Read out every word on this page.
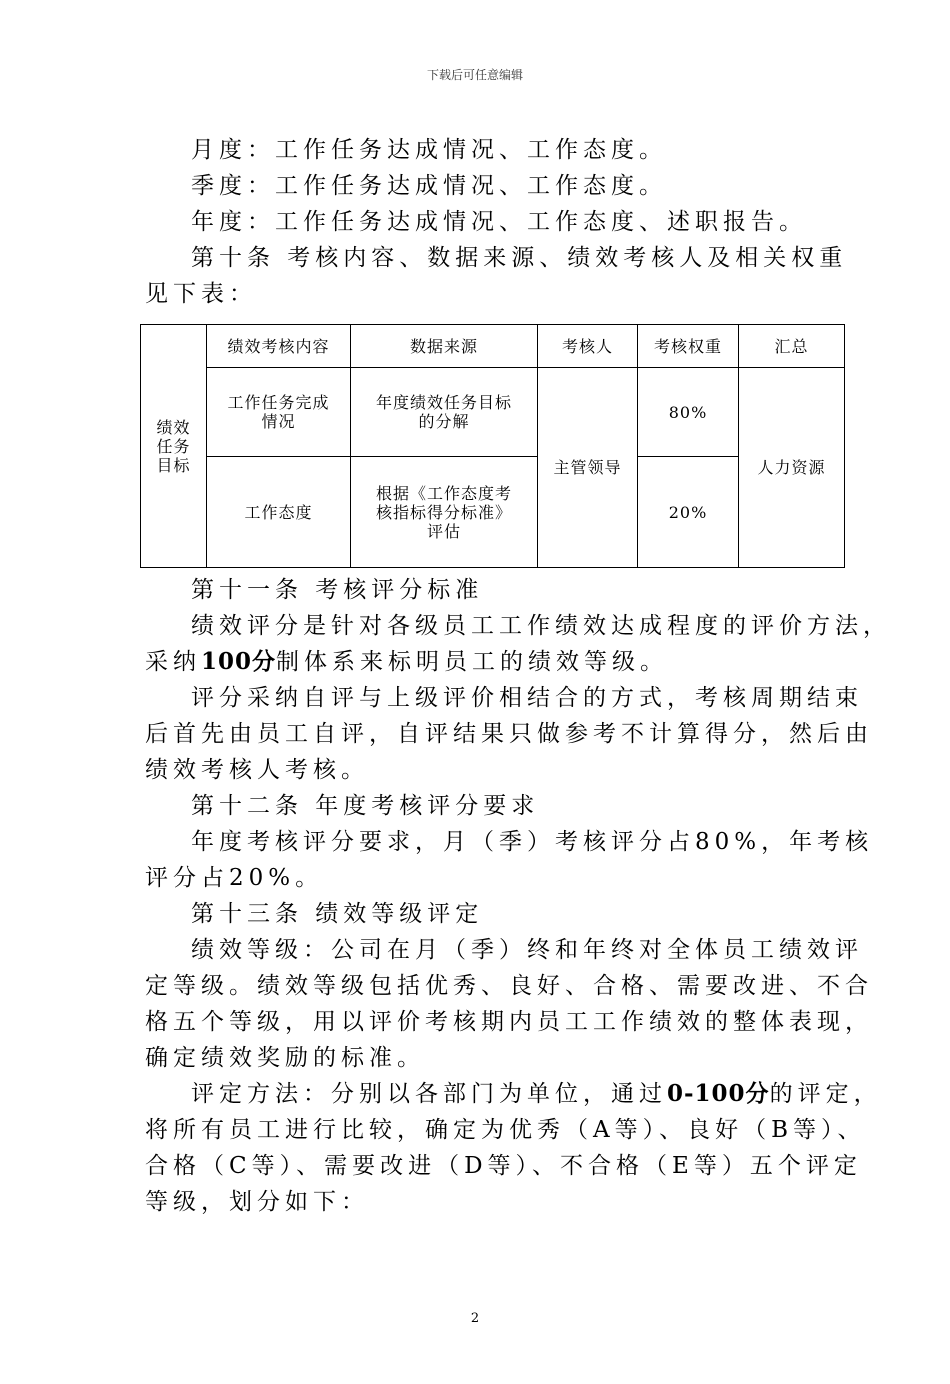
下载后可任意编辑

月度：工作任务达成情况、工作态度。

季度：工作任务达成情况、工作态度。

年度：工作任务达成情况、工作态度、述职报告。

第十条 考核内容、数据来源、绩效考核人及相关权重

见下表：

绩效任务目标	绩效考核内容	数据来源	考核人	考核权重	汇总
	工作任务完成情况	年度绩效任务目标的分解	主管领导	80%	人力资源
	工作态度	根据《工作态度考核指标得分标准》评估		20%	

第十一条 考核评分标准

绩效评分是针对各级员工工作绩效达成程度的评价方法，

采纳100分制体系来标明员工的绩效等级。

评分采纳自评与上级评价相结合的方式，考核周期结束

后首先由员工自评，自评结果只做参考不计算得分，然后由

绩效考核人考核。

第十二条 年度考核评分要求

年度考核评分要求，月（季）考核评分占80%，年考核

评分占20%。

第十三条 绩效等级评定

绩效等级：公司在月（季）终和年终对全体员工绩效评

定等级。绩效等级包括优秀、良好、合格、需要改进、不合

格五个等级，用以评价考核期内员工工作绩效的整体表现，

确定绩效奖励的标准。

评定方法：分别以各部门为单位，通过0-100分的评定，

将所有员工进行比较，确定为优秀（A等）、良好（B等）、

合格（C等）、需要改进（D等）、不合格（E等）五个评定

等级，划分如下：

2
